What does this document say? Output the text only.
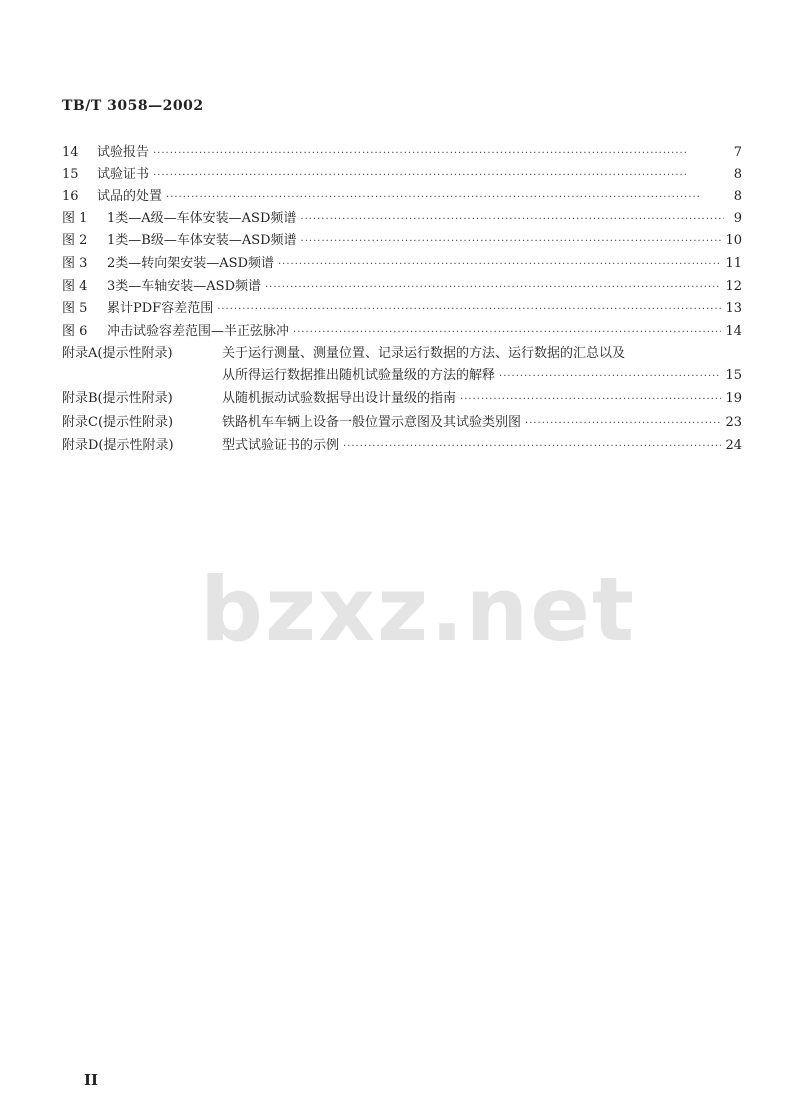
bzxz.net
TB/T 3058—2002
14	试验报告 ·····	7
15	试验证书 ·····	8
16	试品的处置 ·····	8
图 1	1类—A级—车体安装—ASD频谱 ·····	9
图 2	1类—B级—车体安装—ASD频谱 ·····	10
图 3	2类—转向架安装—ASD频谱 ·····	11
图 4	3类—车轴安装—ASD频谱 ·····	12
图 5	累计PDF容差范围 ·····	13
图 6	冲击试验容差范围—半正弦脉冲 ·····	14
附录A(提示性附录)	关于运行测量、测量位置、记录运行数据的方法、运行数据的汇总以及
从所得运行数据推出随机试验量级的方法的解释 ·····	15
附录B(提示性附录)	从随机振动试验数据导出设计量级的指南 ·····	19
附录C(提示性附录)	铁路机车车辆上设备一般位置示意图及其试验类别图 ·····	23
附录D(提示性附录)	型式试验证书的示例 ·····	24
II
